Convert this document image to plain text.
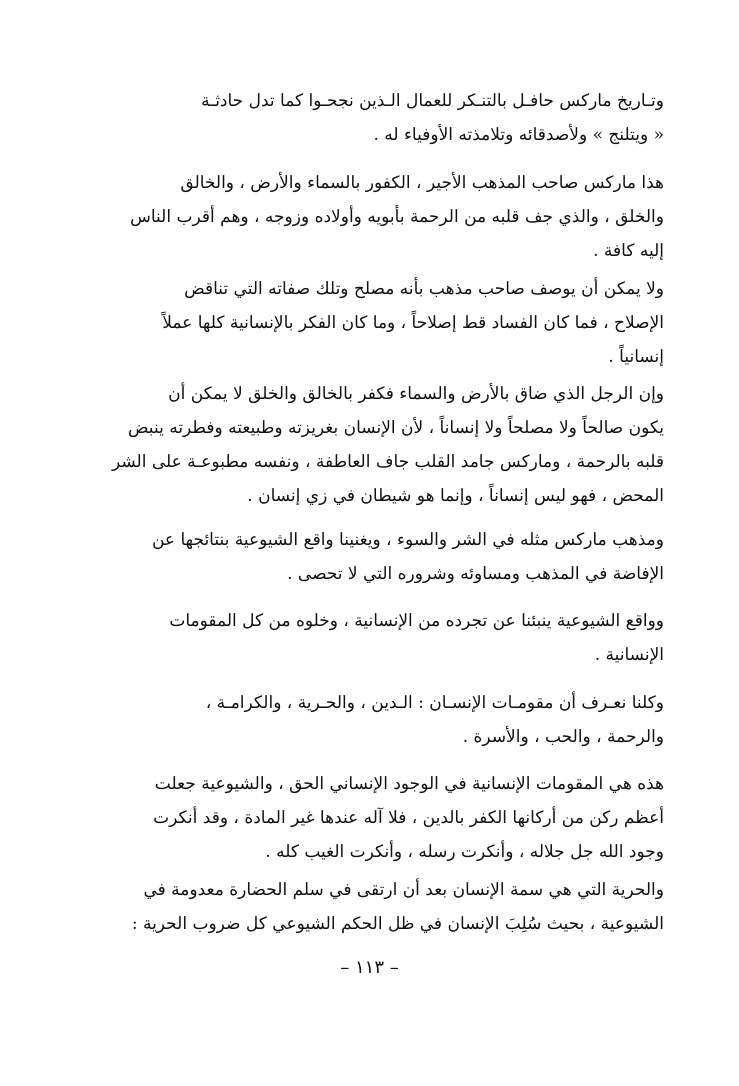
وتـاريخ ماركس حافـل بالتنـكر للعمال الـذين نجحـوا كما تدل حادثـة
« ويتلنج » ولأصدقائه وتلامذته الأوفياء له .
هذا ماركس صاحب المذهب الأجير ، الكفور بالسماء والأرض ، والخالق
والخلق ، والذي جف قلبه من الرحمة بأبويه وأولاده وزوجه ، وهم أقرب الناس
إليه كافة .
ولا يمكن أن يوصف صاحب مذهب بأنه مصلح وتلك صفاته التي تناقض
الإصلاح ، فما كان الفساد قط إصلاحاً ، وما كان الفكر بالإنسانية كلها عملاً
إنسانياً .
وإن الرجل الذي ضاق بالأرض والسماء فكفر بالخالق والخلق لا يمكن أن
يكون صالحاً ولا مصلحاً ولا إنساناً ، لأن الإنسان بغريزته وطبيعته وفطرته ينبض
قلبه بالرحمة ، وماركس جامد القلب جاف العاطفة ، ونفسه مطبوعـة على الشر
المحض ، فهو ليس إنساناً ، وإنما هو شيطان في زي إنسان .
ومذهب ماركس مثله في الشر والسوء ، ويغنينا واقع الشيوعية بنتائجها عن
الإفاضة في المذهب ومساوئه وشروره التي لا تحصى .
وواقع الشيوعية ينبئنا عن تجرده من الإنسانية ، وخلوه من كل المقومات
الإنسانية .
وكلنا نعـرف أن مقومـات الإنسـان : الـدين ، والحـرية ، والكرامـة ،
والرحمة ، والحب ، والأسرة .
هذه هي المقومات الإنسانية في الوجود الإنساني الحق ، والشيوعية جعلت
أعظم ركن من أركانها الكفر بالدين ، فلا آله عندها غير المادة ، وقد أنكرت
وجود الله جل جلاله ، وأنكرت رسله ، وأنكرت الغيب كله .
والحرية التي هي سمة الإنسان بعد أن ارتقى في سلم الحضارة معدومة في
الشيوعية ، بحيث سُلِبَ الإنسان في ظل الحكم الشيوعي كل ضروب الحرية :
– ١١٣ –
